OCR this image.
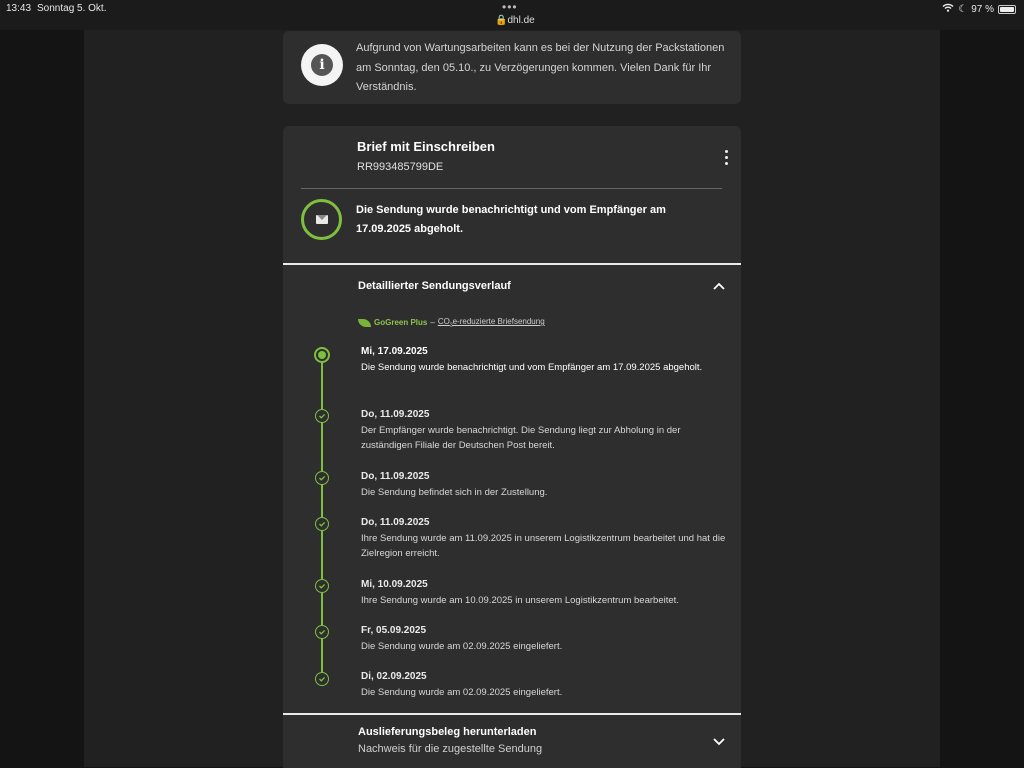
13:43 Sonntag 5. Okt.	•••
🔒dhl.de
☾ 97 %
i
Aufgrund von Wartungsarbeiten kann es bei der Nutzung der Packstationen am Sonntag, den 05.10., zu Verzögerungen kommen. Vielen Dank für Ihr Verständnis.
Brief mit Einschreiben
RR993485799DE
Die Sendung wurde benachrichtigt und vom Empfänger am 17.09.2025 abgeholt.
Detaillierter Sendungsverlauf
GoGreen Plus – $CO_2e$-reduzierte Briefsendung
Mi, 17.09.2025
Die Sendung wurde benachrichtigt und vom Empfänger am 17.09.2025 abgeholt.
Do, 11.09.2025
Der Empfänger wurde benachrichtigt. Die Sendung liegt zur Abholung in der zuständigen Filiale der Deutschen Post bereit.
Do, 11.09.2025
Die Sendung befindet sich in der Zustellung.
Do, 11.09.2025
Ihre Sendung wurde am 11.09.2025 in unserem Logistikzentrum bearbeitet und hat die Zielregion erreicht.
Mi, 10.09.2025
Ihre Sendung wurde am 10.09.2025 in unserem Logistikzentrum bearbeitet.
Fr, 05.09.2025
Die Sendung wurde am 02.09.2025 eingeliefert.
Di, 02.09.2025
Die Sendung wurde am 02.09.2025 eingeliefert.
Auslieferungsbeleg herunterladen
Nachweis für die zugestellte Sendung
